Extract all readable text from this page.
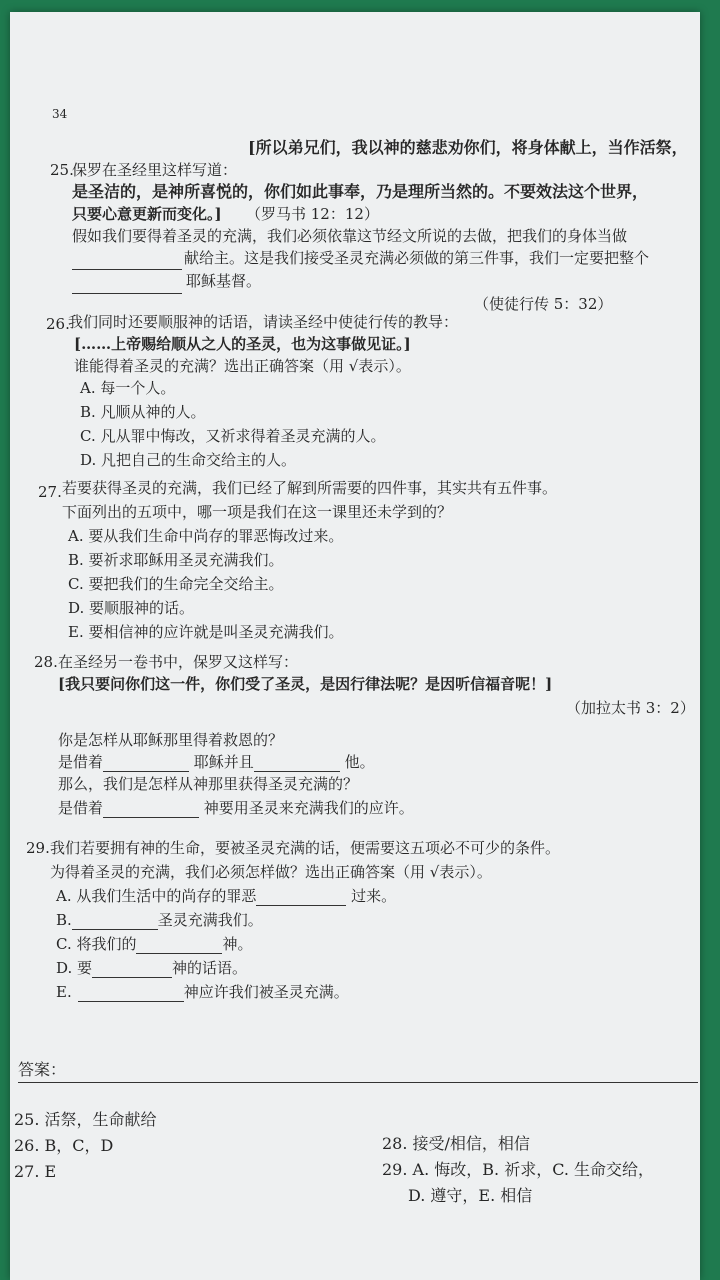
34
25.
保罗在圣经里这样写道：
[所以弟兄们，我以神的慈悲劝你们，将身体献上，当作活祭，
是圣洁的，是神所喜悦的，你们如此事奉，乃是理所当然的。不要效法这个世界，
只要心意更新而变化。] （罗马书 12：12）
假如我们要得着圣灵的充满，我们必须依靠这节经文所说的去做，把我们的身体当做
献给主。这是我们接受圣灵充满必须做的第三件事，我们一定要把整个
耶稣基督。
26.
我们同时还要顺服神的话语，请读圣经中使徒行传的教导：
（使徒行传 5：32）
[……上帝赐给顺从之人的圣灵，也为这事做见证。]
谁能得着圣灵的充满？选出正确答案（用 √表示）。
A. 每一个人。
B. 凡顺从神的人。
C. 凡从罪中悔改，又祈求得着圣灵充满的人。
D. 凡把自己的生命交给主的人。
27. 若要获得圣灵的充满，我们已经了解到所需要的四件事，其实共有五件事。
下面列出的五项中，哪一项是我们在这一课里还未学到的？
A. 要从我们生命中尚存的罪恶悔改过来。
B. 要祈求耶稣用圣灵充满我们。
C. 要把我们的生命完全交给主。
D. 要顺服神的话。
E. 要相信神的应许就是叫圣灵充满我们。
28. 在圣经另一卷书中，保罗又这样写：
[我只要问你们这一件，你们受了圣灵，是因行律法呢？是因听信福音呢！]
（加拉太书 3：2）
你是怎样从耶稣那里得着救恩的？
是借着	耶稣并且	他。
那么，我们是怎样从神那里获得圣灵充满的？
是借着	神要用圣灵来充满我们的应许。
29. 我们若要拥有神的生命，要被圣灵充满的话，便需要这五项必不可少的条件。
为得着圣灵的充满，我们必须怎样做？选出正确答案（用 √表示）。
A. 从我们生活中的尚存的罪恶	过来。
B.	圣灵充满我们。
C. 将我们的	神。
D. 要	神的话语。
E.	神应许我们被圣灵充满。
答案：
25. 活祭，生命献给
26. B，C，D
27. E
28. 接受/相信，相信
29. A. 悔改，B. 祈求，C. 生命交给，
D. 遵守，E. 相信
